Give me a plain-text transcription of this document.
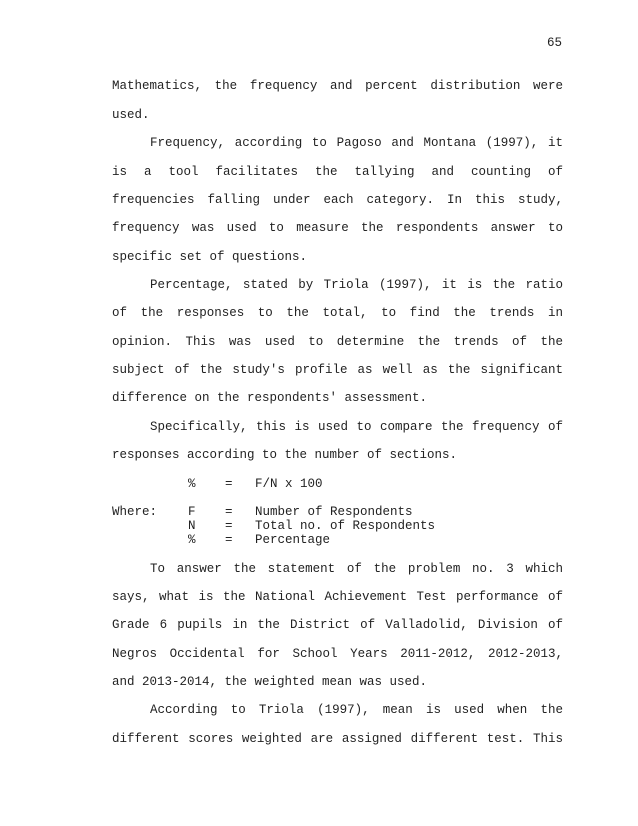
65
Mathematics, the frequency and percent distribution were
used.
Frequency, according to Pagoso and Montana (1997), it
is a tool facilitates the tallying and counting of
frequencies falling under each category. In this study,
frequency was used to measure the respondents answer to
specific set of questions.
Percentage, stated by Triola (1997), it is the ratio
of the responses to the total, to find the trends in
opinion. This was used to determine the trends of the
subject of the study's profile as well as the significant
difference on the respondents' assessment.
Specifically, this is used to compare the frequency of
responses according to the number of sections.
% = F/N x 100
Where: F = Number of Respondents
N = Total no. of Respondents
% = Percentage
To answer the statement of the problem no. 3 which
says, what is the National Achievement Test performance of
Grade 6 pupils in the District of Valladolid, Division of
Negros Occidental for School Years 2011-2012, 2012-2013,
and 2013-2014, the weighted mean was used.
According to Triola (1997), mean is used when the
different scores weighted are assigned different test. This
